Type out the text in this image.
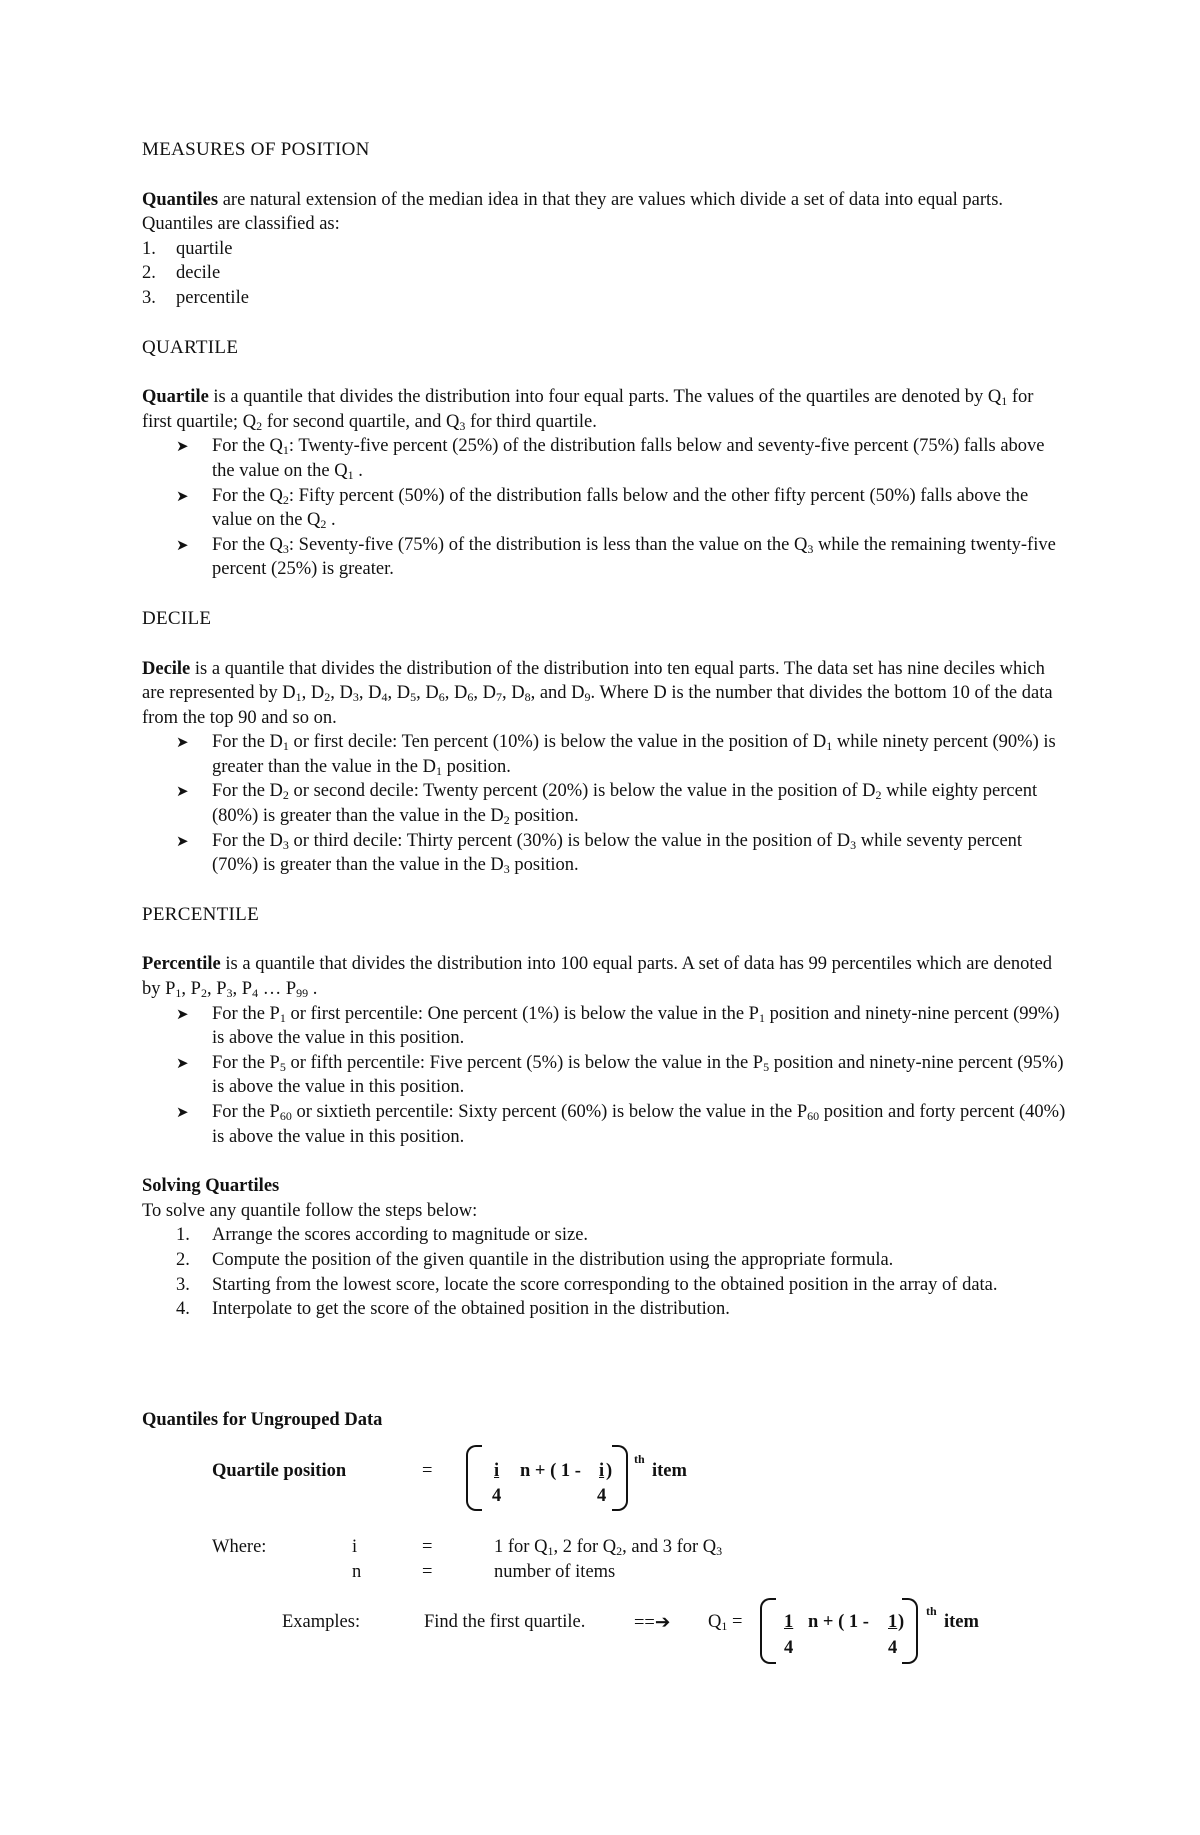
MEASURES OF POSITION

Quantiles are natural extension of the median idea in that they are values which divide a set of data into equal parts. Quantiles are classified as:

1.	quartile
2.	decile
3.	percentile
QUARTILE

Quartile is a quantile that divides the distribution into four equal parts. The values of the quartiles are denoted by $Q_1$ for first quartile; $Q_2$ for second quartile, and $Q_3$ for third quartile.

➤	For the $Q_1$: Twenty-five percent (25%) of the distribution falls below and seventy-five percent (75%) falls above the value on the $Q_1$ .
➤	For the $Q_2$: Fifty percent (50%) of the distribution falls below and the other fifty percent (50%) falls above the value on the $Q_2$ .
➤	For the $Q_3$: Seventy-five (75%) of the distribution is less than the value on the $Q_3$ while the remaining twenty-five percent (25%) is greater.
DECILE

Decile is a quantile that divides the distribution of the distribution into ten equal parts. The data set has nine deciles which are represented by $D_1$, $D_2$, $D_3$, $D_4$, $D_5$, $D_6$, $D_6$, $D_7$, $D_8$, and $D_9$. Where D is the number that divides the bottom 10 of the data from the top 90 and so on.

➤	For the $D_1$ or first decile: Ten percent (10%) is below the value in the position of $D_1$ while ninety percent (90%) is greater than the value in the $D_1$ position.
➤	For the $D_2$ or second decile: Twenty percent (20%) is below the value in the position of $D_2$ while eighty percent (80%) is greater than the value in the $D_2$ position.
➤	For the $D_3$ or third decile: Thirty percent (30%) is below the value in the position of $D_3$ while seventy percent (70%) is greater than the value in the $D_3$ position.
PERCENTILE

Percentile is a quantile that divides the distribution into 100 equal parts. A set of data has 99 percentiles which are denoted by $P_1$, $P_2$, $P_3$, $P_4$ … $P_{99}$ .

➤	For the $P_1$ or first percentile: One percent (1%) is below the value in the $P_1$ position and ninety-nine percent (99%) is above the value in this position.
➤	For the $P_5$ or fifth percentile: Five percent (5%) is below the value in the $P_5$ position and ninety-nine percent (95%) is above the value in this position.
➤	For the $P_{60}$ or sixtieth percentile: Sixty percent (60%) is below the value in the $P_{60}$ position and forty percent (40%) is above the value in this position.

Solving Quartiles

To solve any quantile follow the steps below:

1.	Arrange the scores according to magnitude or size.
2.	Compute the position of the given quantile in the distribution using the appropriate formula.
3.	Starting from the lowest score, locate the score corresponding to the obtained position in the array of data.
4.	Interpolate to get the score of the obtained position in the distribution.
Quantiles for Ungrouped Data
Quartile position	=	i
4
n + ( 1 - i
4
)
th
item
Where:	i	=	1 for $Q_1$, 2 for $Q_2$, and 3 for $Q_3$
n	=	number of items
Examples:	Find the first quartile.	==➔ $Q_1 = 1$
4
n + ( 1 - 1
4
)
th
item
